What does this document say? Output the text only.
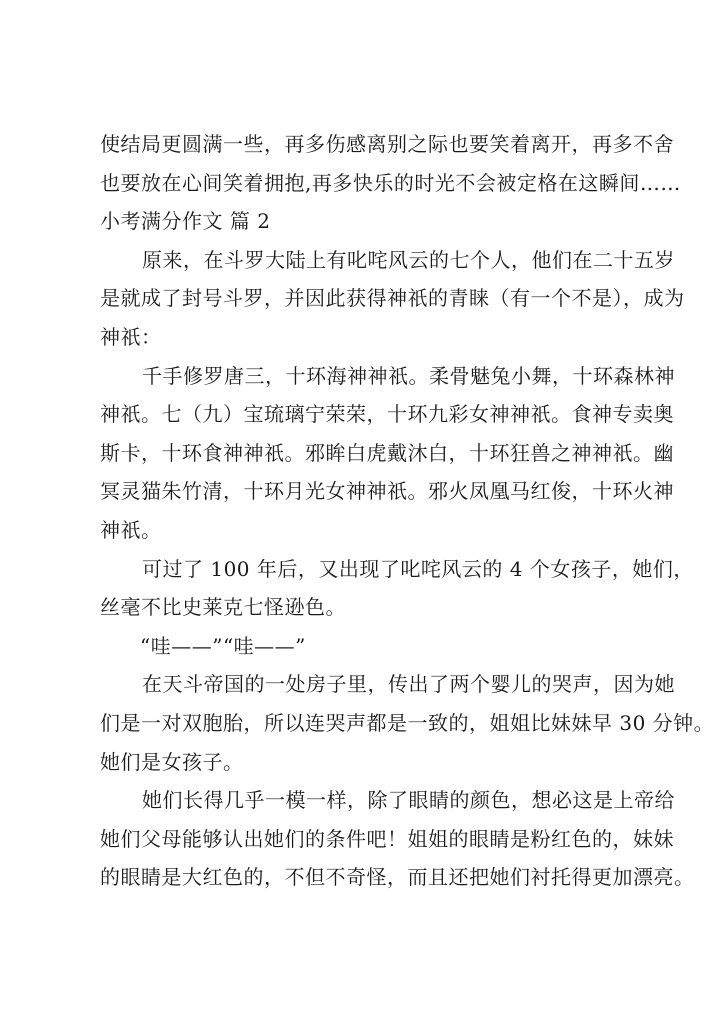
使结局更圆满一些，再多伤感离别之际也要笑着离开，再多不舍
也要放在心间笑着拥抱,再多快乐的时光不会被定格在这瞬间……
小考满分作文 篇 2
原来，在斗罗大陆上有叱咤风云的七个人，他们在二十五岁
是就成了封号斗罗，并因此获得神祇的青睐（有一个不是），成为
神祇：
千手修罗唐三，十环海神神祇。柔骨魅兔小舞，十环森林神
神祇。七（九）宝琉璃宁荣荣，十环九彩女神神祇。食神专卖奥
斯卡，十环食神神祇。邪眸白虎戴沐白，十环狂兽之神神祇。幽
冥灵猫朱竹清，十环月光女神神祇。邪火凤凰马红俊，十环火神
神祇。
可过了 100 年后，又出现了叱咤风云的 4 个女孩子，她们，
丝毫不比史莱克七怪逊色。
“哇——”“哇——”
在天斗帝国的一处房子里，传出了两个婴儿的哭声，因为她
们是一对双胞胎，所以连哭声都是一致的，姐姐比妹妹早 30 分钟。
她们是女孩子。
她们长得几乎一模一样，除了眼睛的颜色，想必这是上帝给
她们父母能够认出她们的条件吧！姐姐的眼睛是粉红色的，妹妹
的眼睛是大红色的，不但不奇怪，而且还把她们衬托得更加漂亮。
